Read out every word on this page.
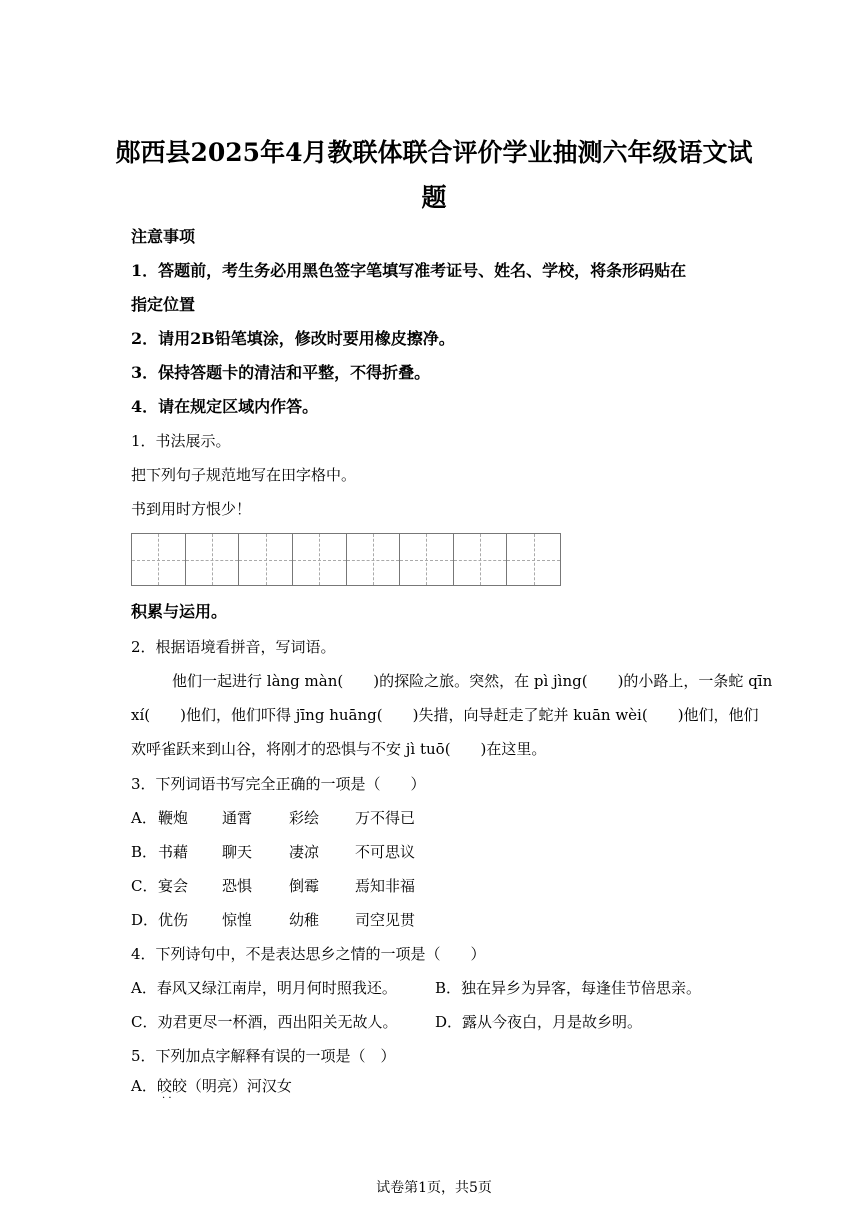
郧西县2025年4月教联体联合评价学业抽测六年级语文试
题
注意事项
1．答题前，考生务必用黑色签字笔填写准考证号、姓名、学校，将条形码贴在
指定位置
2．请用2B铅笔填涂，修改时要用橡皮擦净。
3．保持答题卡的清洁和平整，不得折叠。
4．请在规定区域内作答。
1．书法展示。
把下列句子规范地写在田字格中。
书到用时方恨少！
积累与运用。
2．根据语境看拼音，写词语。
他们一起进行 làng màn(　　)的探险之旅。突然，在 pì jìng(　　)的小路上，一条蛇 qīn
xí(　　)他们，他们吓得 jīng huāng(　　)失措，向导赶走了蛇并 kuān wèi(　　)他们，他们
欢呼雀跃来到山谷，将刚才的恐惧与不安 jì tuō(　　)在这里。
3．下列词语书写完全正确的一项是（　　）
A． 鞭炮 通霄 彩绘 万不得已
B． 书藉 聊天 凄凉 不可思议
C． 宴会 恐惧 倒霉 焉知非福
D． 优伤 惊惶 幼稚 司空见贯
4．下列诗句中，不是表达思乡之情的一项是（　　）
A．春风又绿江南岸，明月何时照我还。	B．独在异乡为异客，每逢佳节倍思亲。
C．劝君更尽一杯酒，西出阳关无故人。	D．露从今夜白，月是故乡明。
5．下列加点字解释有误的一项是（　）
A．皎皎（明亮）河汉女
· ·
试卷第1页，共5页
